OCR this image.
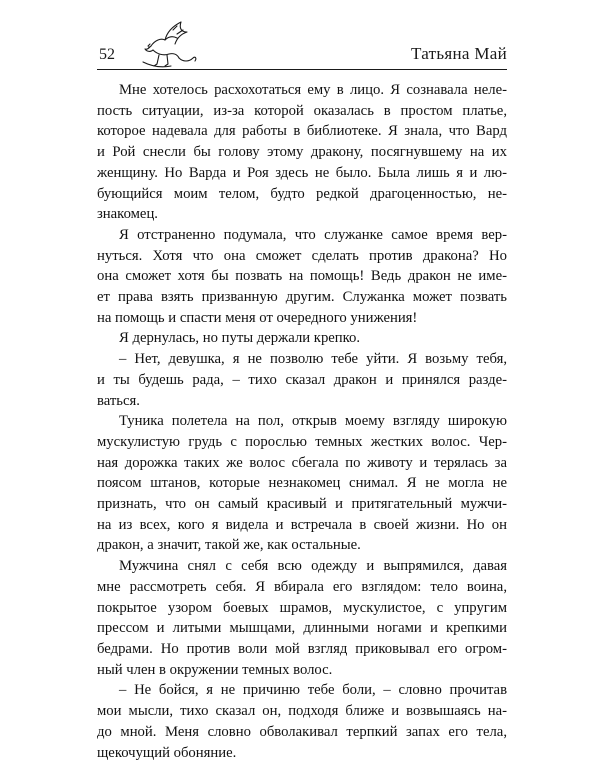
52	Татьяна Май
Мне хотелось расхохотаться ему в лицо. Я сознавала неле-
пость ситуации, из-за которой оказалась в простом платье,
которое надевала для работы в библиотеке. Я знала, что Вард
и Рой снесли бы голову этому дракону, посягнувшему на их
женщину. Но Варда и Роя здесь не было. Была лишь я и лю-
бующийся моим телом, будто редкой драгоценностью, не-
знакомец.
Я отстраненно подумала, что служанке самое время вер-
нуться. Хотя что она сможет сделать против дракона? Но
она сможет хотя бы позвать на помощь! Ведь дракон не име-
ет права взять призванную другим. Служанка может позвать
на помощь и спасти меня от очередного унижения!
Я дернулась, но путы держали крепко.
– Нет, девушка, я не позволю тебе уйти. Я возьму тебя,
и ты будешь рада, – тихо сказал дракон и принялся разде-
ваться.
Туника полетела на пол, открыв моему взгляду широкую
мускулистую грудь с порослью темных жестких волос. Чер-
ная дорожка таких же волос сбегала по животу и терялась за
поясом штанов, которые незнакомец снимал. Я не могла не
признать, что он самый красивый и притягательный мужчи-
на из всех, кого я видела и встречала в своей жизни. Но он
дракон, а значит, такой же, как остальные.
Мужчина снял с себя всю одежду и выпрямился, давая
мне рассмотреть себя. Я вбирала его взглядом: тело воина,
покрытое узором боевых шрамов, мускулистое, с упругим
прессом и литыми мышцами, длинными ногами и крепкими
бедрами. Но против воли мой взгляд приковывал его огром-
ный член в окружении темных волос.
– Не бойся, я не причиню тебе боли, – словно прочитав
мои мысли, тихо сказал он, подходя ближе и возвышаясь на-
до мной. Меня словно обволакивал терпкий запах его тела,
щекочущий обоняние.
